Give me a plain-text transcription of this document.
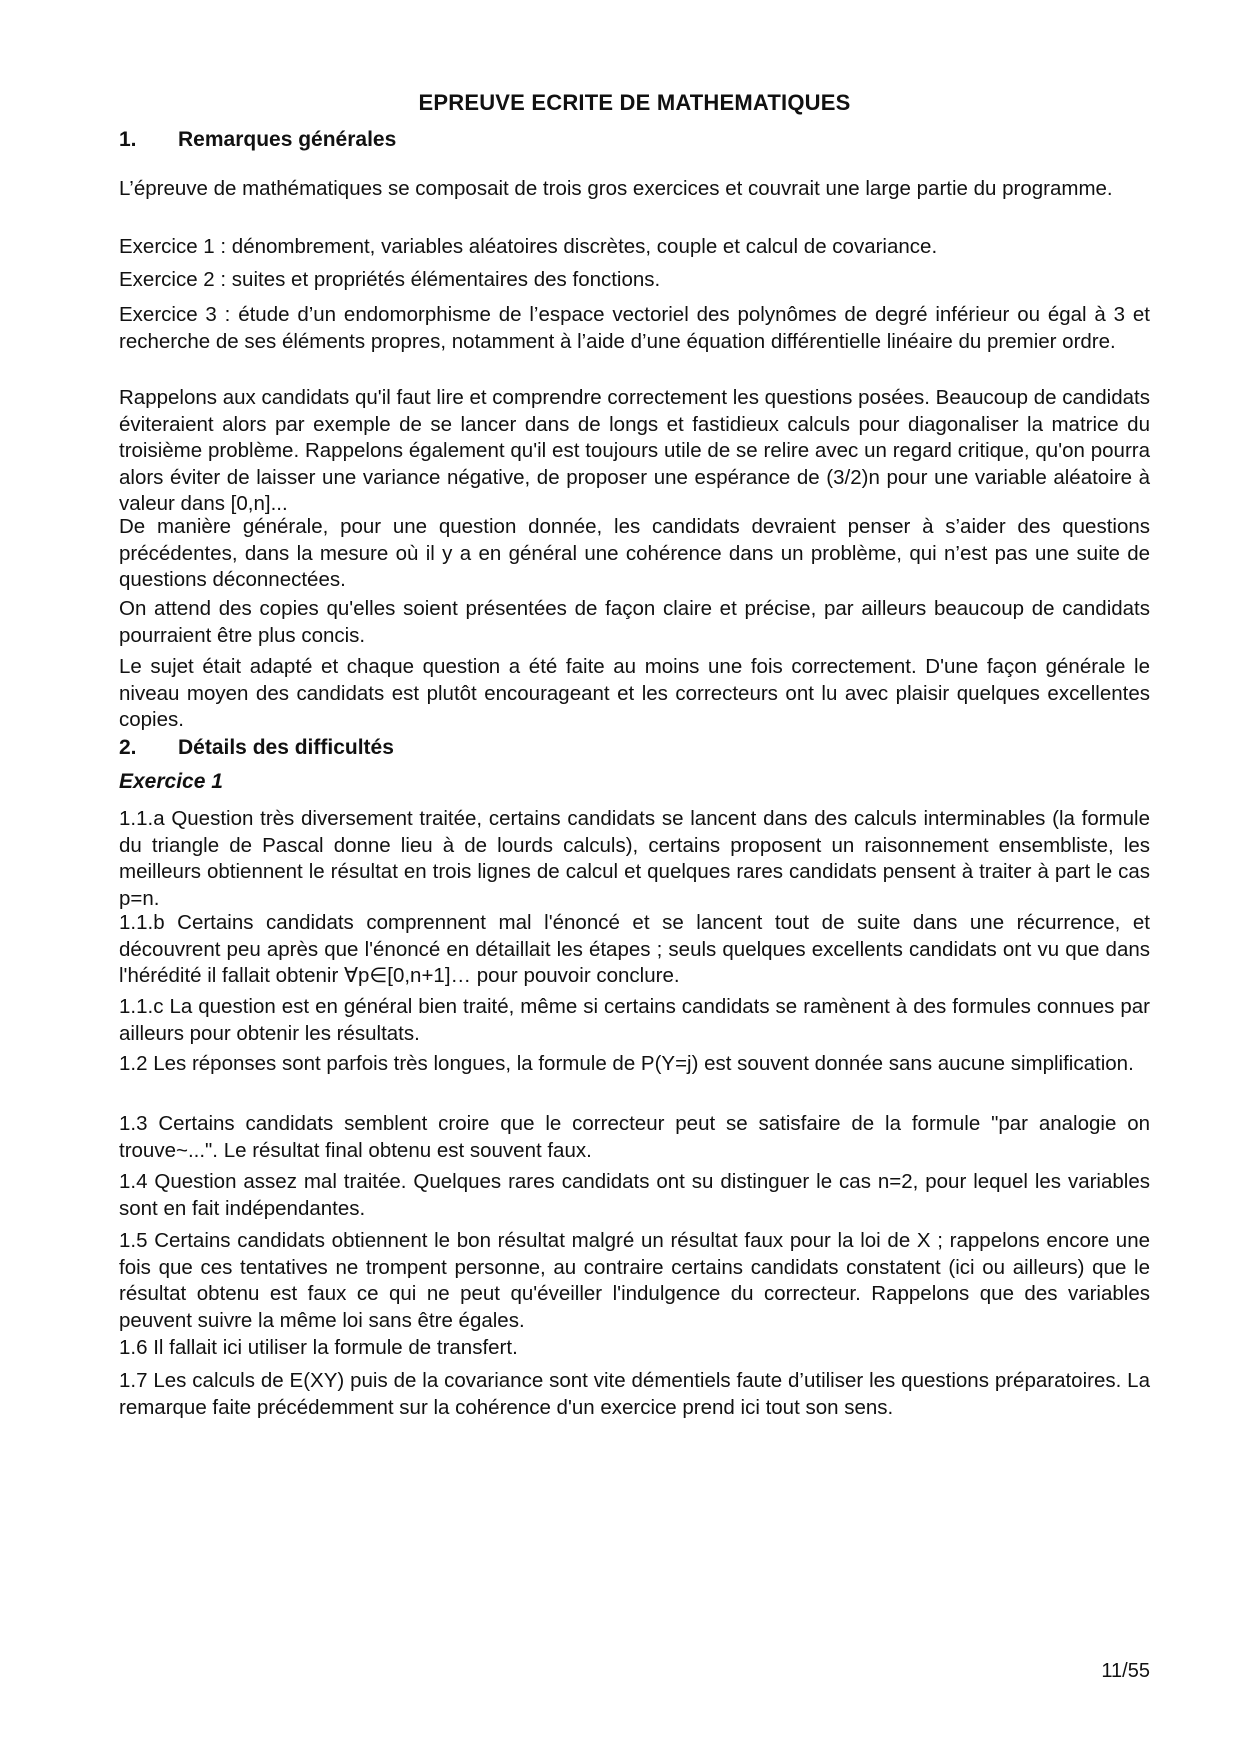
EPREUVE ECRITE DE MATHEMATIQUES
1. Remarques générales

L’épreuve de mathématiques se composait de trois gros exercices et couvrait une large partie du programme.

Exercice 1 : dénombrement, variables aléatoires discrètes, couple et calcul de covariance.

Exercice 2 : suites et propriétés élémentaires des fonctions.

Exercice 3 : étude d’un endomorphisme de l’espace vectoriel des polynômes de degré inférieur ou égal à 3 et recherche de ses éléments propres, notamment à l’aide d’une équation différentielle linéaire du premier ordre.

Rappelons aux candidats qu'il faut lire et comprendre correctement les questions posées. Beaucoup de candidats éviteraient alors par exemple de se lancer dans de longs et fastidieux calculs pour diagonaliser la matrice du troisième problème. Rappelons également qu'il est toujours utile de se relire avec un regard critique, qu'on pourra alors éviter de laisser une variance négative, de proposer une espérance de (3/2)n pour une variable aléatoire à valeur dans [0,n]...

De manière générale, pour une question donnée, les candidats devraient penser à s’aider des questions précédentes, dans la mesure où il y a en général une cohérence dans un problème, qui n’est pas une suite de questions déconnectées.

On attend des copies qu'elles soient présentées de façon claire et précise, par ailleurs beaucoup de candidats pourraient être plus concis.

Le sujet était adapté et chaque question a été faite au moins une fois correctement. D'une façon générale le niveau moyen des candidats est plutôt encourageant et les correcteurs ont lu avec plaisir quelques excellentes copies.

2. Détails des difficultés
Exercice 1

1.1.a Question très diversement traitée, certains candidats se lancent dans des calculs interminables (la formule du triangle de Pascal donne lieu à de lourds calculs), certains proposent un raisonnement ensembliste, les meilleurs obtiennent le résultat en trois lignes de calcul et quelques rares candidats pensent à traiter à part le cas p=n.

1.1.b Certains candidats comprennent mal l'énoncé et se lancent tout de suite dans une récurrence, et découvrent peu après que l'énoncé en détaillait les étapes ; seuls quelques excellents candidats ont vu que dans l'hérédité il fallait obtenir ∀p∈[0,n+1]… pour pouvoir conclure.

1.1.c La question est en général bien traité, même si certains candidats se ramènent à des formules connues par ailleurs pour obtenir les résultats.

1.2 Les réponses sont parfois très longues, la formule de P(Y=j) est souvent donnée sans aucune simplification.

1.3 Certains candidats semblent croire que le correcteur peut se satisfaire de la formule "par analogie on trouve~...". Le résultat final obtenu est souvent faux.

1.4 Question assez mal traitée. Quelques rares candidats ont su distinguer le cas n=2, pour lequel les variables sont en fait indépendantes.

1.5 Certains candidats obtiennent le bon résultat malgré un résultat faux pour la loi de X ; rappelons encore une fois que ces tentatives ne trompent personne, au contraire certains candidats constatent (ici ou ailleurs) que le résultat obtenu est faux ce qui ne peut qu'éveiller l'indulgence du correcteur. Rappelons que des variables peuvent suivre la même loi sans être égales.

1.6 Il fallait ici utiliser la formule de transfert.

1.7 Les calculs de E(XY) puis de la covariance sont vite démentiels faute d’utiliser les questions préparatoires. La remarque faite précédemment sur la cohérence d'un exercice prend ici tout son sens.

11/55
